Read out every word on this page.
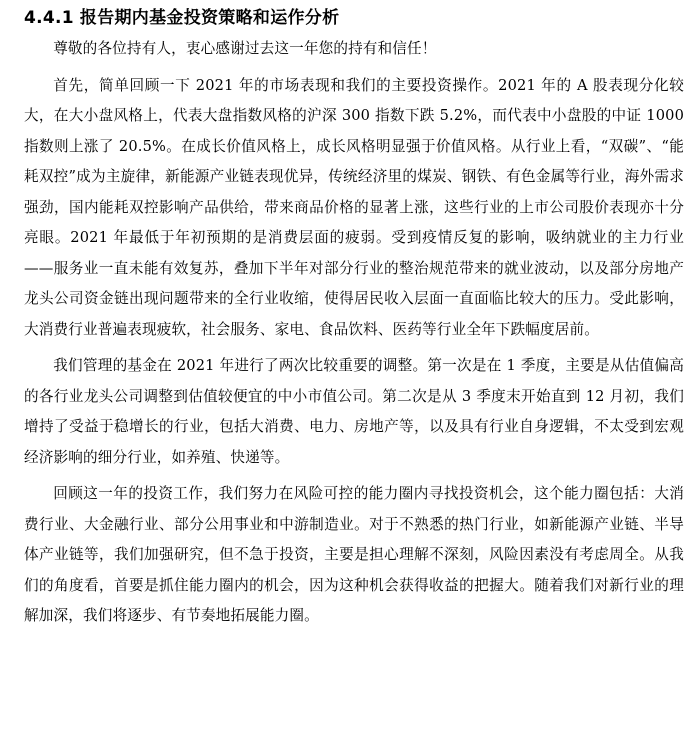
4.4.1 报告期内基金投资策略和运作分析

尊敬的各位持有人，衷心感谢过去这一年您的持有和信任！

首先，简单回顾一下 2021 年的市场表现和我们的主要投资操作。2021 年的 A 股表现分化较大，在大小盘风格上，代表大盘指数风格的沪深 300 指数下跌 5.2%，而代表中小盘股的中证 1000 指数则上涨了 20.5%。在成长价值风格上，成长风格明显强于价值风格。从行业上看，“双碳”、“能耗双控”成为主旋律，新能源产业链表现优异，传统经济里的煤炭、钢铁、有色金属等行业，海外需求强劲，国内能耗双控影响产品供给，带来商品价格的显著上涨，这些行业的上市公司股价表现亦十分亮眼。2021 年最低于年初预期的是消费层面的疲弱。受到疫情反复的影响，吸纳就业的主力行业——服务业一直未能有效复苏，叠加下半年对部分行业的整治规范带来的就业波动，以及部分房地产龙头公司资金链出现问题带来的全行业收缩，使得居民收入层面一直面临比较大的压力。受此影响，大消费行业普遍表现疲软，社会服务、家电、食品饮料、医药等行业全年下跌幅度居前。

我们管理的基金在 2021 年进行了两次比较重要的调整。第一次是在 1 季度，主要是从估值偏高的各行业龙头公司调整到估值较便宜的中小市值公司。第二次是从 3 季度末开始直到 12 月初，我们增持了受益于稳增长的行业，包括大消费、电力、房地产等，以及具有行业自身逻辑，不太受到宏观经济影响的细分行业，如养殖、快递等。

回顾这一年的投资工作，我们努力在风险可控的能力圈内寻找投资机会，这个能力圈包括：大消费行业、大金融行业、部分公用事业和中游制造业。对于不熟悉的热门行业，如新能源产业链、半导体产业链等，我们加强研究，但不急于投资，主要是担心理解不深刻，风险因素没有考虑周全。从我们的角度看，首要是抓住能力圈内的机会，因为这种机会获得收益的把握大。随着我们对新行业的理解加深，我们将逐步、有节奏地拓展能力圈。
